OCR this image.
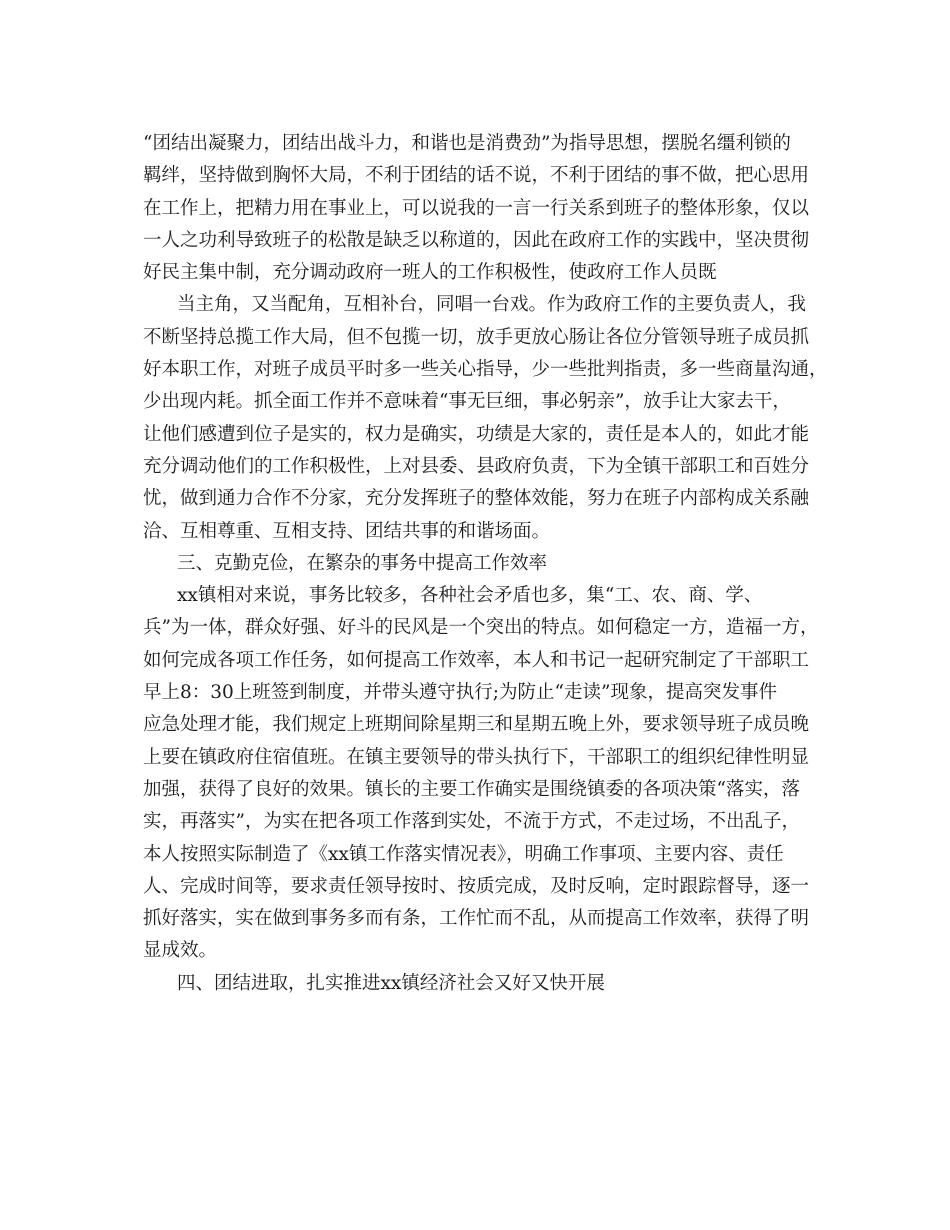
“团结出凝聚力，团结出战斗力，和谐也是消费劲”为指导思想，摆脱名缰利锁的
羁绊，坚持做到胸怀大局，不利于团结的话不说，不利于团结的事不做，把心思用
在工作上，把精力用在事业上，可以说我的一言一行关系到班子的整体形象，仅以
一人之功利导致班子的松散是缺乏以称道的，因此在政府工作的实践中，坚决贯彻
好民主集中制，充分调动政府一班人的工作积极性，使政府工作人员既
当主角，又当配角，互相补台，同唱一台戏。作为政府工作的主要负责人，我
不断坚持总揽工作大局，但不包揽一切，放手更放心肠让各位分管领导班子成员抓
好本职工作，对班子成员平时多一些关心指导，少一些批判指责，多一些商量沟通，
少出现内耗。抓全面工作并不意味着“事无巨细，事必躬亲”，放手让大家去干，
让他们感遭到位子是实的，权力是确实，功绩是大家的，责任是本人的，如此才能
充分调动他们的工作积极性，上对县委、县政府负责，下为全镇干部职工和百姓分
忧，做到通力合作不分家，充分发挥班子的整体效能，努力在班子内部构成关系融
洽、互相尊重、互相支持、团结共事的和谐场面。
三、克勤克俭，在繁杂的事务中提高工作效率
xx镇相对来说，事务比较多，各种社会矛盾也多，集“工、农、商、学、
兵”为一体，群众好强、好斗的民风是一个突出的特点。如何稳定一方，造福一方，
如何完成各项工作任务，如何提高工作效率，本人和书记一起研究制定了干部职工
早上8：30上班签到制度，并带头遵守执行;为防止“走读”现象，提高突发事件
应急处理才能，我们规定上班期间除星期三和星期五晚上外，要求领导班子成员晚
上要在镇政府住宿值班。在镇主要领导的带头执行下，干部职工的组织纪律性明显
加强，获得了良好的效果。镇长的主要工作确实是围绕镇委的各项决策“落实，落
实，再落实”，为实在把各项工作落到实处，不流于方式，不走过场，不出乱子，
本人按照实际制造了《xx镇工作落实情况表》，明确工作事项、主要内容、责任
人、完成时间等，要求责任领导按时、按质完成，及时反响，定时跟踪督导，逐一
抓好落实，实在做到事务多而有条，工作忙而不乱，从而提高工作效率，获得了明
显成效。
四、团结进取，扎实推进xx镇经济社会又好又快开展
